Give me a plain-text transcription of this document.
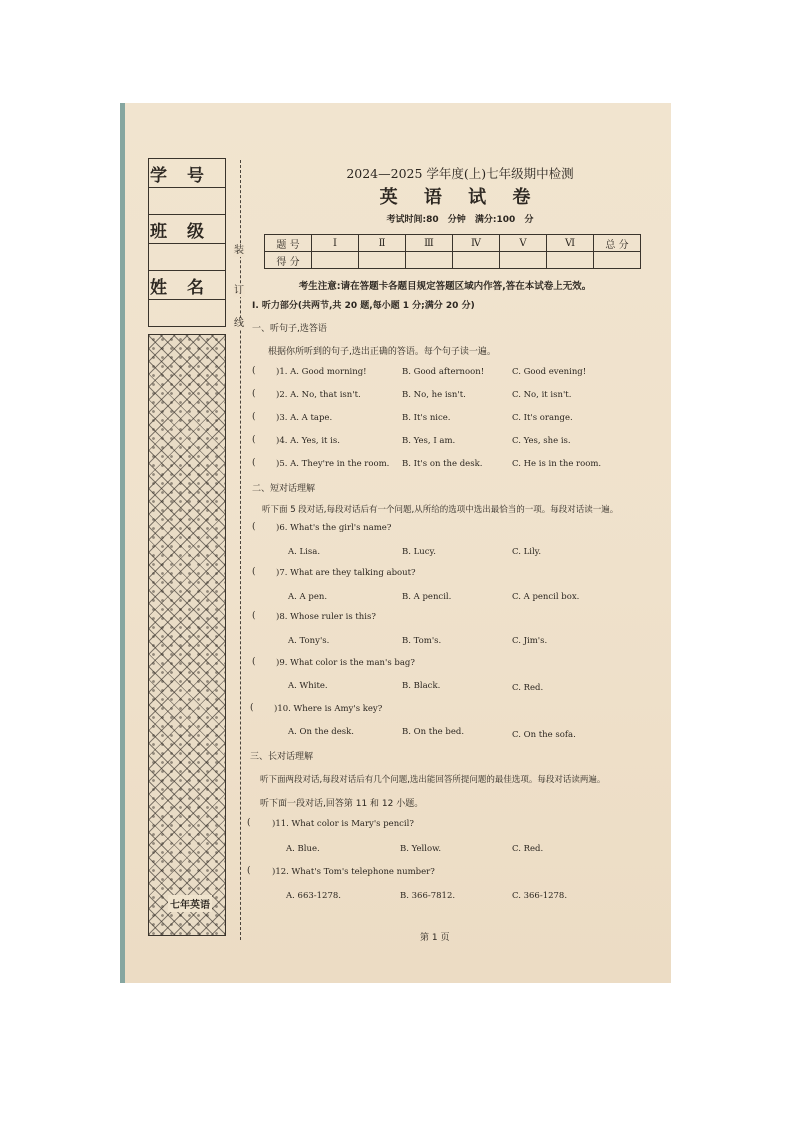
学号

班级

姓名

七年英语
装
订
线
2024—2025 学年度(上)七年级期中检测
英 语 试 卷
考试时间:80 分钟 满分:100 分
题 号	Ⅰ	Ⅱ	Ⅲ	Ⅳ	Ⅴ	Ⅵ	总 分
得 分							
考生注意:请在答题卡各题目规定答题区域内作答,答在本试卷上无效。
Ⅰ. 听力部分(共两节,共 20 题,每小题 1 分;满分 20 分)
一、听句子,选答语
根据你所听到的句子,选出正确的答语。每个句子读一遍。
( )1. A. Good morning!	B. Good afternoon!	C. Good evening!
( )2. A. No, that isn't.	B. No, he isn't.	C. No, it isn't.
( )3. A. A tape.	B. It's nice.	C. It's orange.
( )4. A. Yes, it is.	B. Yes, I am.	C. Yes, she is.
( )5. A. They're in the room. B. It's on the desk.	C. He is in the room.
二、短对话理解
听下面 5 段对话,每段对话后有一个问题,从所给的选项中选出最恰当的一项。每段对话读一遍。
( )6. What's the girl's name?
A. Lisa.	B. Lucy.	C. Lily.
( )7. What are they talking about?
A. A pen.	B. A pencil.	C. A pencil box.
( )8. Whose ruler is this?
A. Tony's.	B. Tom's.	C. Jim's.
( )9. What color is the man's bag?
A. White.	B. Black.	C. Red.
( )10. Where is Amy's key?
A. On the desk.	B. On the bed.	C. On the sofa.
三、长对话理解
听下面两段对话,每段对话后有几个问题,选出能回答所提问题的最佳选项。每段对话读两遍。
听下面一段对话,回答第 11 和 12 小题。
(	)11. What color is Mary's pencil?
A. Blue.	B. Yellow.	C. Red.
(	)12. What's Tom's telephone number?
A. 663-1278.	B. 366-7812.	C. 366-1278.
第 1 页
